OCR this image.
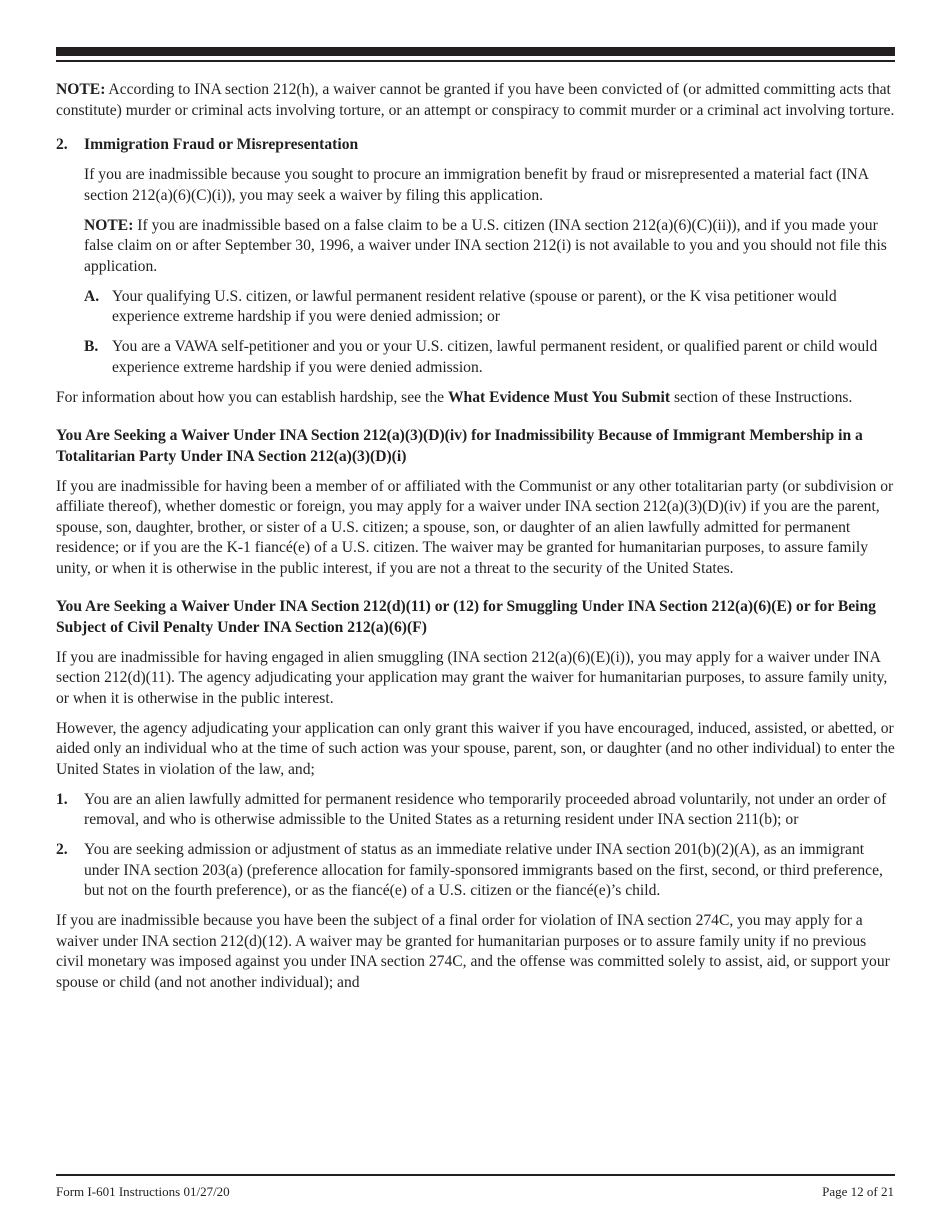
NOTE: According to INA section 212(h), a waiver cannot be granted if you have been convicted of (or admitted committing acts that constitute) murder or criminal acts involving torture, or an attempt or conspiracy to commit murder or a criminal act involving torture.

2.	Immigration Fraud or Misrepresentation

If you are inadmissible because you sought to procure an immigration benefit by fraud or misrepresented a material fact (INA section 212(a)(6)(C)(i)), you may seek a waiver by filing this application.

NOTE: If you are inadmissible based on a false claim to be a U.S. citizen (INA section 212(a)(6)(C)(ii)), and if you made your false claim on or after September 30, 1996, a waiver under INA section 212(i) is not available to you and you should not file this application.

A. Your qualifying U.S. citizen, or lawful permanent resident relative (spouse or parent), or the K visa petitioner would experience extreme hardship if you were denied admission; or
B. You are a VAWA self-petitioner and you or your U.S. citizen, lawful permanent resident, or qualified parent or child would experience extreme hardship if you were denied admission.

For information about how you can establish hardship, see the What Evidence Must You Submit section of these Instructions.

You Are Seeking a Waiver Under INA Section 212(a)(3)(D)(iv) for Inadmissibility Because of Immigrant Membership in a Totalitarian Party Under INA Section 212(a)(3)(D)(i)

If you are inadmissible for having been a member of or affiliated with the Communist or any other totalitarian party (or subdivision or affiliate thereof), whether domestic or foreign, you may apply for a waiver under INA section 212(a)(3)(D)(iv) if you are the parent, spouse, son, daughter, brother, or sister of a U.S. citizen; a spouse, son, or daughter of an alien lawfully admitted for permanent residence; or if you are the K-1 fiancé(e) of a U.S. citizen. The waiver may be granted for humanitarian purposes, to assure family unity, or when it is otherwise in the public interest, if you are not a threat to the security of the United States.

You Are Seeking a Waiver Under INA Section 212(d)(11) or (12) for Smuggling Under INA Section 212(a)(6)(E) or for Being Subject of Civil Penalty Under INA Section 212(a)(6)(F)

If you are inadmissible for having engaged in alien smuggling (INA section 212(a)(6)(E)(i)), you may apply for a waiver under INA section 212(d)(11). The agency adjudicating your application may grant the waiver for humanitarian purposes, to assure family unity, or when it is otherwise in the public interest.

However, the agency adjudicating your application can only grant this waiver if you have encouraged, induced, assisted, or abetted, or aided only an individual who at the time of such action was your spouse, parent, son, or daughter (and no other individual) to enter the United States in violation of the law, and;

1.	You are an alien lawfully admitted for permanent residence who temporarily proceeded abroad voluntarily, not under an order of removal, and who is otherwise admissible to the United States as a returning resident under INA section 211(b); or
2.	You are seeking admission or adjustment of status as an immediate relative under INA section 201(b)(2)(A), as an immigrant under INA section 203(a) (preference allocation for family-sponsored immigrants based on the first, second, or third preference, but not on the fourth preference), or as the fiancé(e) of a U.S. citizen or the fiancé(e)’s child.

If you are inadmissible because you have been the subject of a final order for violation of INA section 274C, you may apply for a waiver under INA section 212(d)(12). A waiver may be granted for humanitarian purposes or to assure family unity if no previous civil monetary was imposed against you under INA section 274C, and the offense was committed solely to assist, aid, or support your spouse or child (and not another individual); and

Form I-601 Instructions 01/27/20	Page 12 of 21
